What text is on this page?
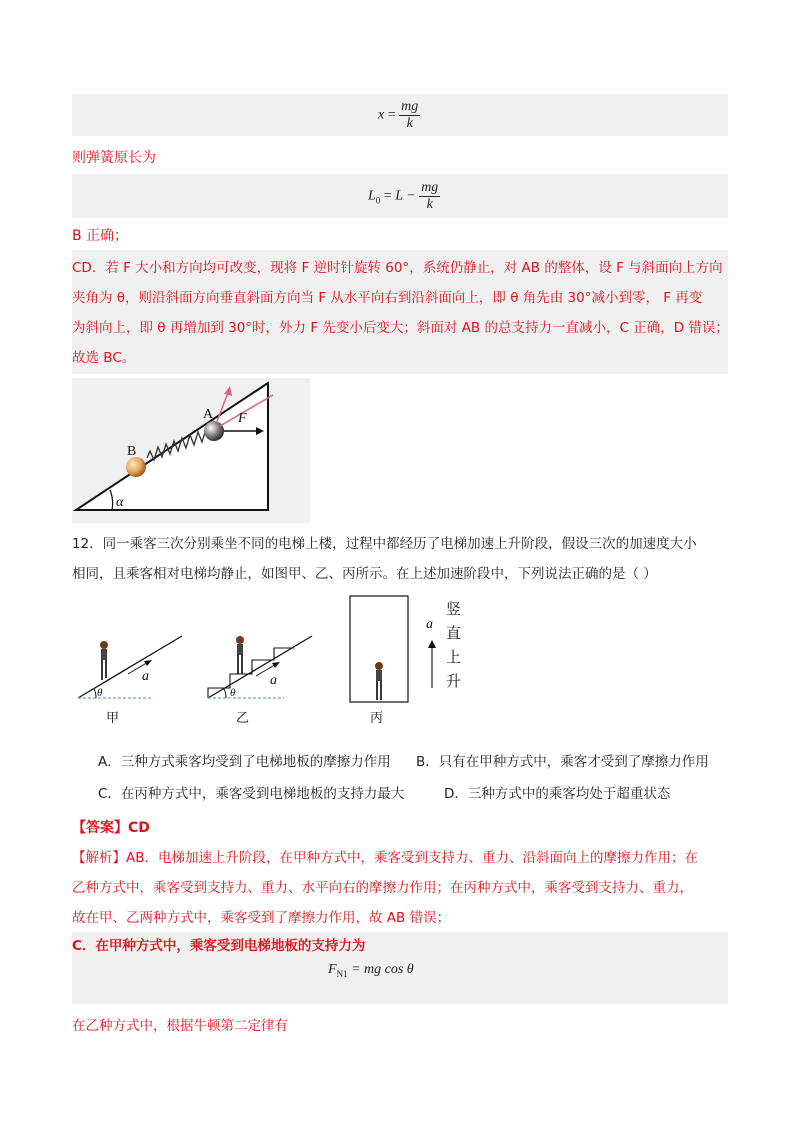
$x = \frac{mg}{k}$
则弹簧原长为
$L_0 = L - \frac{mg}{k}$
B 正确；
CD．若 F 大小和方向均可改变，现将 F 逆时针旋转 60°，系统仍静止，对 AB 的整体，设 F 与斜面向上方向
夹角为 θ，则沿斜面方向垂直斜面方向当 F 从水平向右到沿斜面向上，即 θ 角先由 30°减小到零， F 再变
为斜向上，即 θ 再增加到 30°时，外力 F 先变小后变大；斜面对 AB 的总支持力一直减小，C 正确，D 错误；
故选 BC。
A
B
F
α
12．同一乘客三次分别乘坐不同的电梯上楼，过程中都经历了电梯加速上升阶段，假设三次的加速度大小
相同，且乘客相对电梯均静止，如图甲、乙、丙所示。在上述加速阶段中，下列说法正确的是（ ）
θ
a
甲
θ
a
乙
a
竖
直
上
升
丙
A．三种方式乘客均受到了电梯地板的摩擦力作用 B．只有在甲种方式中，乘客才受到了摩擦力作用
C．在丙种方式中，乘客受到电梯地板的支持力最大	D．三种方式中的乘客均处于超重状态
【答案】CD
【解析】AB．电梯加速上升阶段，在甲种方式中，乘客受到支持力、重力、沿斜面向上的摩擦力作用；在
乙种方式中，乘客受到支持力、重力、水平向右的摩擦力作用；在丙种方式中，乘客受到支持力、重力，
故在甲、乙两种方式中，乘客受到了摩擦力作用，故 AB 错误；
C．在甲种方式中，乘客受到电梯地板的支持力为
$F_{N1}$ = mg cos θ
在乙种方式中，根据牛顿第二定律有
